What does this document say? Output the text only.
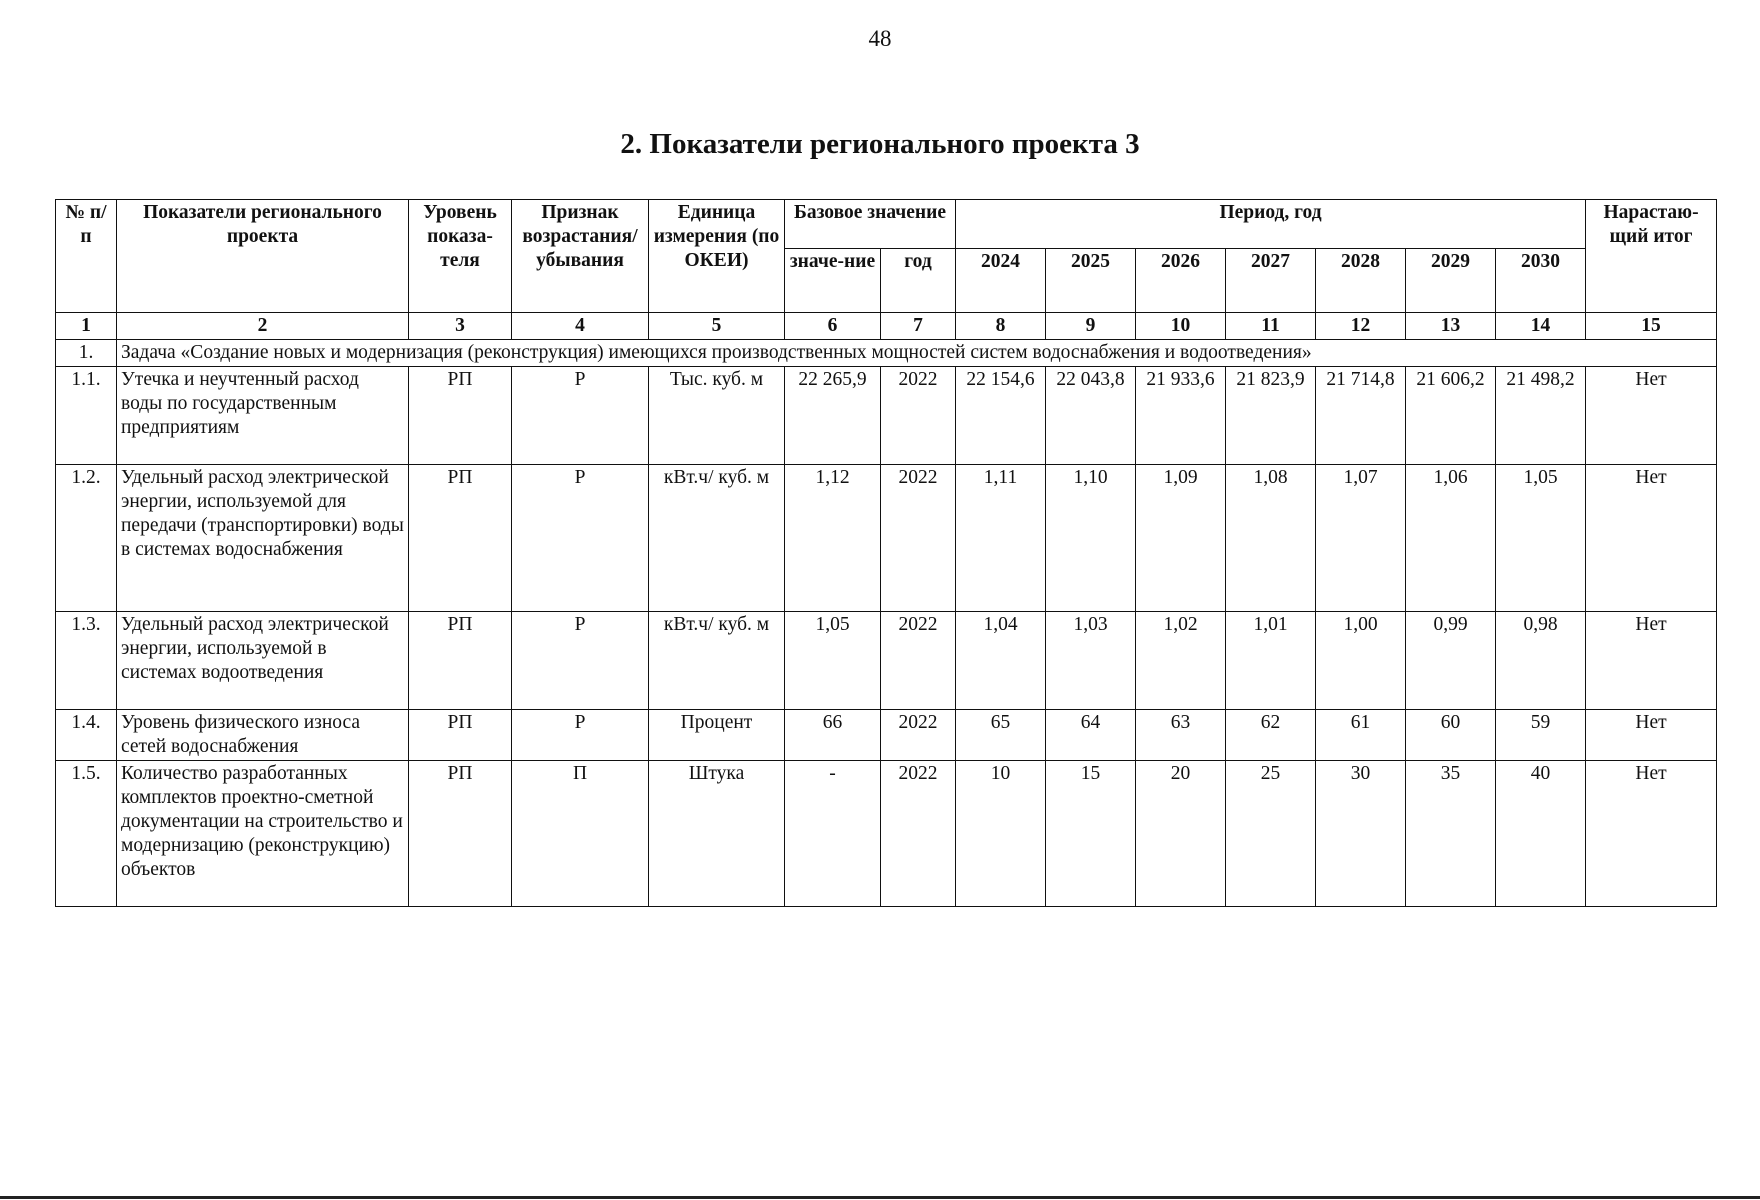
48
2. Показатели регионального проекта 3
№ п/п	Показатели регионального проекта	Уровень показа-теля	Признак возрастания/ убывания	Единица измерения (по ОКЕИ)	Базовое значение		Период, год							Нарастаю-щий итог
					значе-ние	год	2024	2025	2026	2027	2028	2029	2030	
1	2	3	4	5	6	7	8	9	10	11	12	13	14	15
1.	Задача «Создание новых и модернизация (реконструкция) имеющихся производственных мощностей систем водоснабжения и водоотведения»													
1.1.	Утечка и неучтенный расход воды по государственным предприятиям	РП	Р	Тыс. куб. м	22 265,9	2022	22 154,6	22 043,8	21 933,6	21 823,9	21 714,8	21 606,2	21 498,2	Нет
1.2.	Удельный расход электрической энергии, используемой для передачи (транспортировки) воды в системах водоснабжения	РП	Р	кВт.ч/ куб. м	1,12	2022	1,11	1,10	1,09	1,08	1,07	1,06	1,05	Нет
1.3.	Удельный расход электрической энергии, используемой в системах водоотведения	РП	Р	кВт.ч/ куб. м	1,05	2022	1,04	1,03	1,02	1,01	1,00	0,99	0,98	Нет
1.4.	Уровень физического износа сетей водоснабжения	РП	Р	Процент	66	2022	65	64	63	62	61	60	59	Нет
1.5.	Количество разработанных комплектов проектно-сметной документации на строительство и модернизацию (реконструкцию) объектов	РП	П	Штука	-	2022	10	15	20	25	30	35	40	Нет
